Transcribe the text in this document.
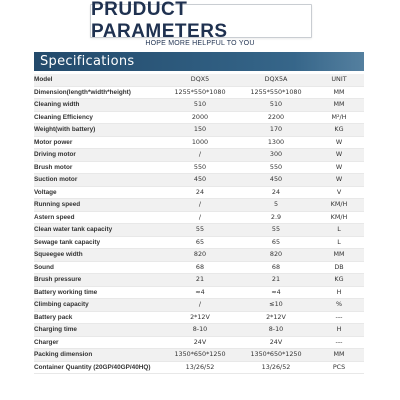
PRUDUCT PARAMETERS
HOPE MORE HELPFUL TO YOU
Specifications
Model	DQX5	DQX5A	UNIT
Dimension(length*width*height)	1255*550*1080	1255*550*1080	MM
Cleaning width	510	510	MM
Cleaning Efficiency	2000	2200	M²/H
Weight(with battery)	150	170	KG
Motor power	1000	1300	W
Driving motor	/	300	W
Brush motor	550	550	W
Suction motor	450	450	W
Voltage	24	24	V
Running speed	/	5	KM/H
Astern speed	/	2.9	KM/H
Clean water tank capacity	55	55	L
Sewage tank capacity	65	65	L
Squeegee width	820	820	MM
Sound	68	68	DB
Brush pressure	21	21	KG
Battery working time	≈4	≈4	H
Climbing capacity	/	≤10	%
Battery pack	2*12V	2*12V	---
Charging time	8-10	8-10	H
Charger	24V	24V	---
Packing dimension	1350*650*1250	1350*650*1250	MM
Container Quantity (20GP/40GP/40HQ)	13/26/52	13/26/52	PCS
